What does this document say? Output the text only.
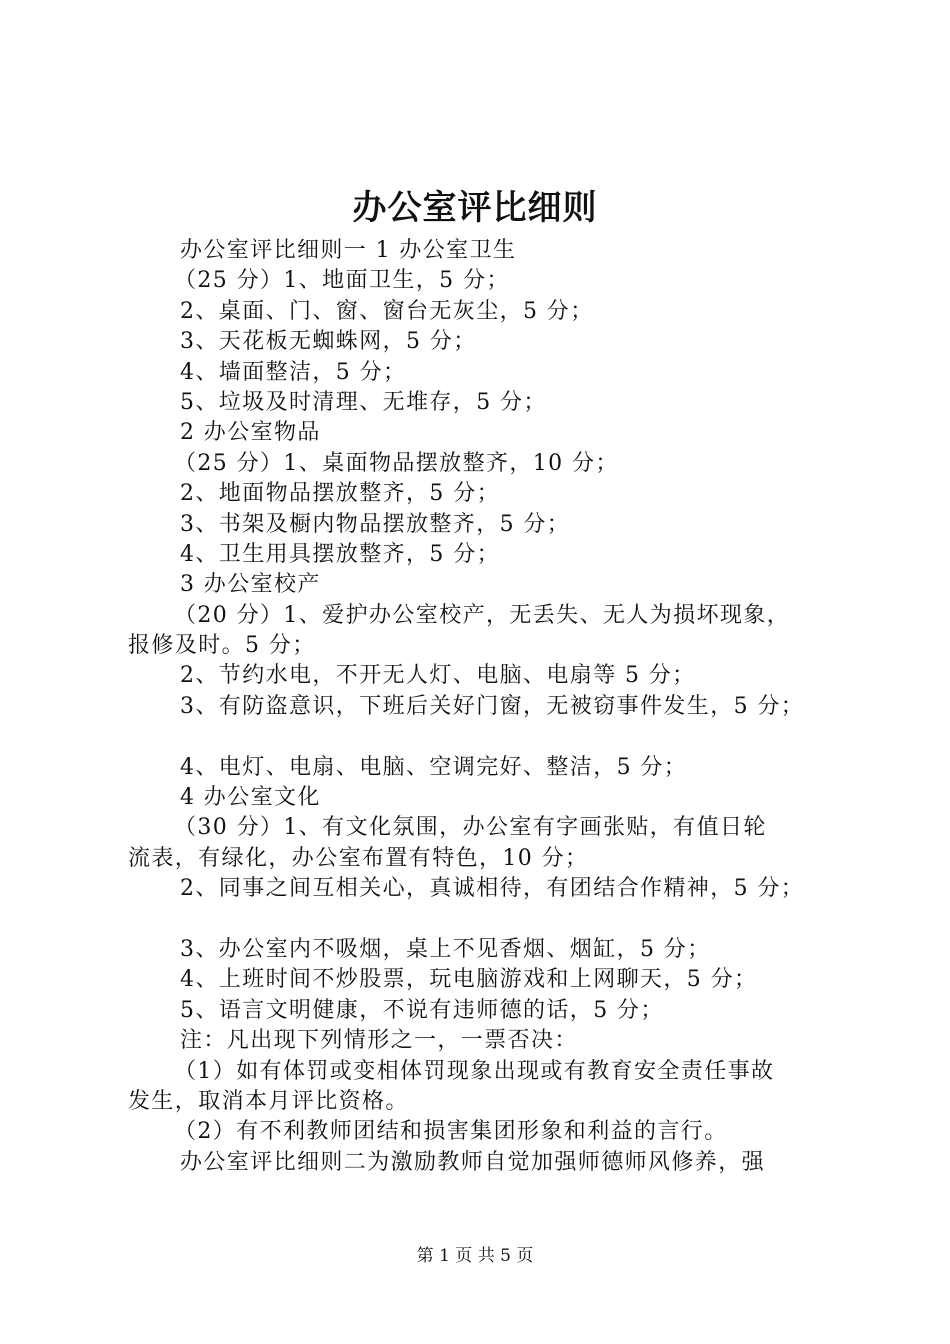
办公室评比细则
办公室评比细则一 1 办公室卫生
（25 分）1、地面卫生，5 分；
2、桌面、门、窗、窗台无灰尘，5 分；
3、天花板无蜘蛛网，5 分；
4、墙面整洁，5 分；
5、垃圾及时清理、无堆存，5 分；
2 办公室物品
（25 分）1、桌面物品摆放整齐，10 分；
2、地面物品摆放整齐，5 分；
3、书架及橱内物品摆放整齐，5 分；
4、卫生用具摆放整齐，5 分；
3 办公室校产
（20 分）1、爱护办公室校产，无丢失、无人为损坏现象，
报修及时。5 分；
2、节约水电，不开无人灯、电脑、电扇等 5 分；
3、有防盗意识，下班后关好门窗，无被窃事件发生，5 分；
4、电灯、电扇、电脑、空调完好、整洁，5 分；
4 办公室文化
（30 分）1、有文化氛围，办公室有字画张贴，有值日轮
流表，有绿化，办公室布置有特色，10 分；
2、同事之间互相关心，真诚相待，有团结合作精神，5 分；
3、办公室内不吸烟，桌上不见香烟、烟缸，5 分；
4、上班时间不炒股票，玩电脑游戏和上网聊天，5 分；
5、语言文明健康，不说有违师德的话，5 分；
注：凡出现下列情形之一，一票否决：
（1）如有体罚或变相体罚现象出现或有教育安全责任事故
发生，取消本月评比资格。
（2）有不利教师团结和损害集团形象和利益的言行。
办公室评比细则二为激励教师自觉加强师德师风修养，强
第 1 页 共 5 页
